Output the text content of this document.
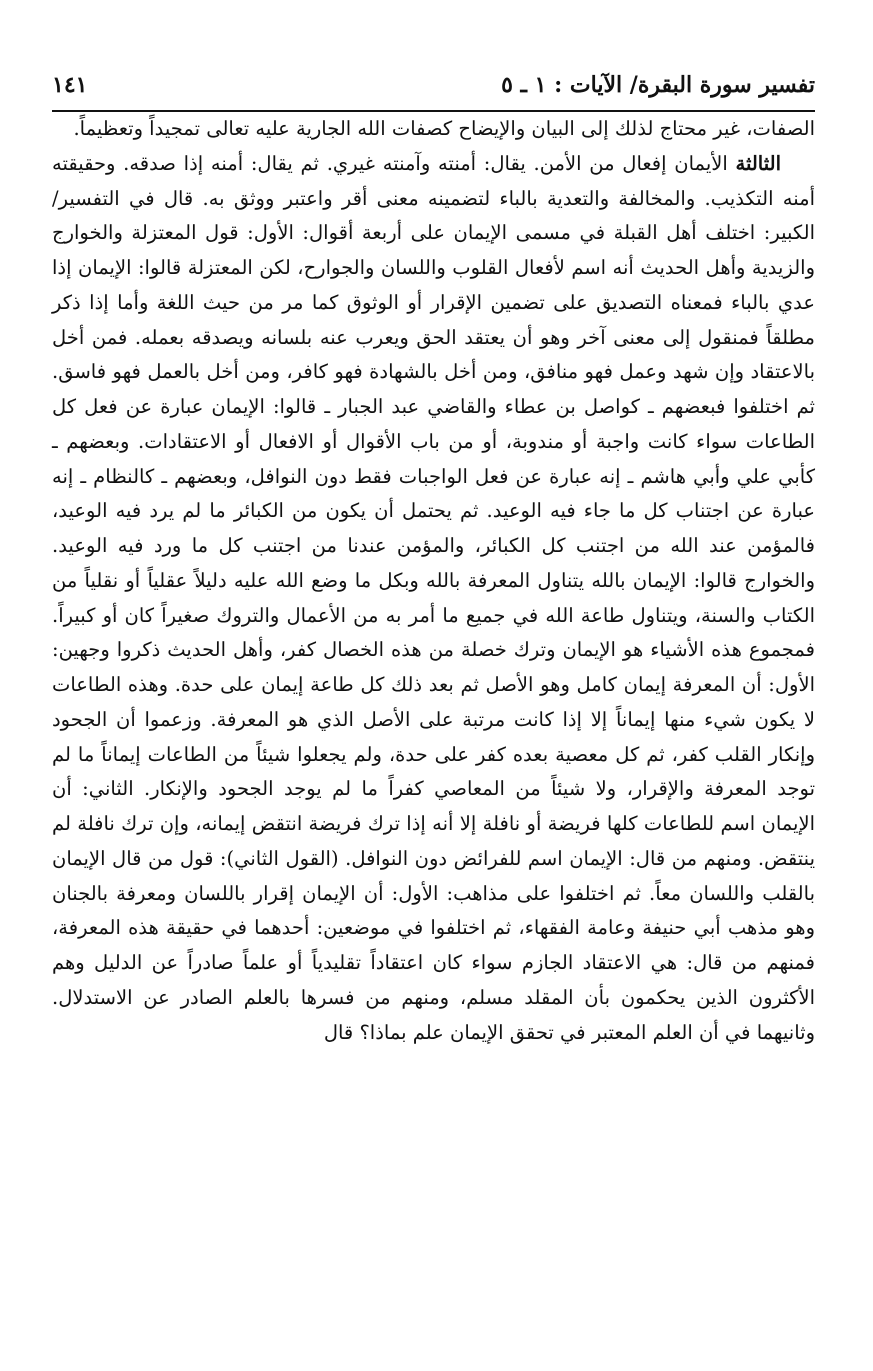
تفسير سورة البقرة/ الآيات : ١ ـ ٥
١٤١

الصفات، غير محتاج لذلك إلى البيان والإيضاح كصفات الله الجارية عليه تعالى تمجيداً وتعظيماً.

الثالثة الأيمان إفعال من الأمن. يقال: أمنته وآمنته غيري. ثم يقال: أمنه إذا صدقه. وحقيقته أمنه التكذيب. والمخالفة والتعدية بالباء لتضمينه معنى أقر واعتبر ووثق به. قال في التفسير/الكبير: اختلف أهل القبلة في مسمى الإيمان على أربعة أقوال: الأول: قول المعتزلة والخوارج والزيدية وأهل الحديث أنه اسم لأفعال القلوب واللسان والجوارح، لكن المعتزلة قالوا: الإيمان إذا عدي بالباء فمعناه التصديق على تضمين الإقرار أو الوثوق كما مر من حيث اللغة وأما إذا ذكر مطلقاً فمنقول إلى معنى آخر وهو أن يعتقد الحق ويعرب عنه بلسانه ويصدقه بعمله. فمن أخل بالاعتقاد وإن شهد وعمل فهو منافق، ومن أخل بالشهادة فهو كافر، ومن أخل بالعمل فهو فاسق. ثم اختلفوا فبعضهم ـ كواصل بن عطاء والقاضي عبد الجبار ـ قالوا: الإيمان عبارة عن فعل كل الطاعات سواء كانت واجبة أو مندوبة، أو من باب الأقوال أو الافعال أو الاعتقادات. وبعضهم ـ كأبي علي وأبي هاشم ـ إنه عبارة عن فعل الواجبات فقط دون النوافل، وبعضهم ـ كالنظام ـ إنه عبارة عن اجتناب كل ما جاء فيه الوعيد. ثم يحتمل أن يكون من الكبائر ما لم يرد فيه الوعيد، فالمؤمن عند الله من اجتنب كل الكبائر، والمؤمن عندنا من اجتنب كل ما ورد فيه الوعيد. والخوارج قالوا: الإيمان بالله يتناول المعرفة بالله وبكل ما وضع الله عليه دليلاً عقلياً أو نقلياً من الكتاب والسنة، ويتناول طاعة الله في جميع ما أمر به من الأعمال والتروك صغيراً كان أو كبيراً. فمجموع هذه الأشياء هو الإيمان وترك خصلة من هذه الخصال كفر، وأهل الحديث ذكروا وجهين: الأول: أن المعرفة إيمان كامل وهو الأصل ثم بعد ذلك كل طاعة إيمان على حدة. وهذه الطاعات لا يكون شيء منها إيماناً إلا إذا كانت مرتبة على الأصل الذي هو المعرفة. وزعموا أن الجحود وإنكار القلب كفر، ثم كل معصية بعده كفر على حدة، ولم يجعلوا شيئاً من الطاعات إيماناً ما لم توجد المعرفة والإقرار، ولا شيئاً من المعاصي كفراً ما لم يوجد الجحود والإنكار. الثاني: أن الإيمان اسم للطاعات كلها فريضة أو نافلة إلا أنه إذا ترك فريضة انتقض إيمانه، وإن ترك نافلة لم ينتقض. ومنهم من قال: الإيمان اسم للفرائض دون النوافل. (القول الثاني): قول من قال الإيمان بالقلب واللسان معاً. ثم اختلفوا على مذاهب: الأول: أن الإيمان إقرار باللسان ومعرفة بالجنان وهو مذهب أبي حنيفة وعامة الفقهاء، ثم اختلفوا في موضعين: أحدهما في حقيقة هذه المعرفة، فمنهم من قال: هي الاعتقاد الجازم سواء كان اعتقاداً تقليدياً أو علماً صادراً عن الدليل وهم الأكثرون الذين يحكمون بأن المقلد مسلم، ومنهم من فسرها بالعلم الصادر عن الاستدلال. وثانيهما في أن العلم المعتبر في تحقق الإيمان علم بماذا؟ قال
